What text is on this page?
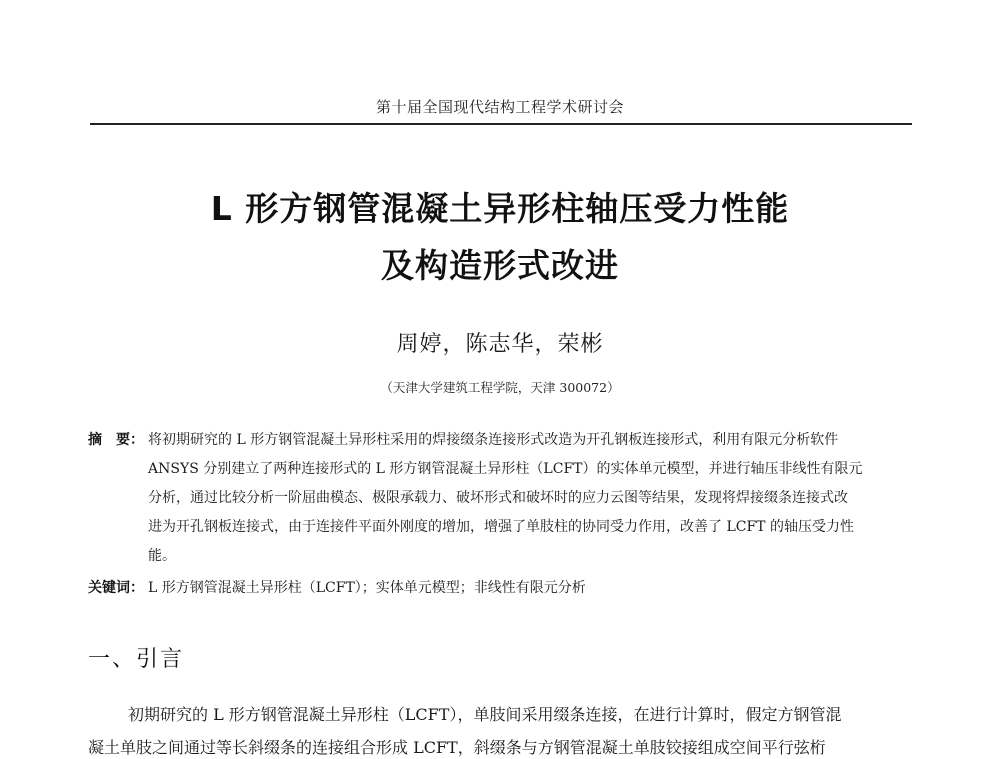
第十届全国现代结构工程学术研讨会
L 形方钢管混凝土异形柱轴压受力性能
及构造形式改进
周婷，陈志华，荣彬
（天津大学建筑工程学院，天津 300072）
摘　要： 将初期研究的 L 形方钢管混凝土异形柱采用的焊接缀条连接形式改造为开孔钢板连接形式，利用有限元分析软件
ANSYS 分别建立了两种连接形式的 L 形方钢管混凝土异形柱（LCFT）的实体单元模型，并进行轴压非线性有限元
分析，通过比较分析一阶屈曲模态、极限承载力、破坏形式和破坏时的应力云图等结果，发现将焊接缀条连接式改
进为开孔钢板连接式，由于连接件平面外刚度的增加，增强了单肢柱的协同受力作用，改善了 LCFT 的轴压受力性
能。
关键词： L 形方钢管混凝土异形柱（LCFT）；实体单元模型；非线性有限元分析
一、引言
初期研究的 L 形方钢管混凝土异形柱（LCFT），单肢间采用缀条连接，在进行计算时，假定方钢管混
凝土单肢之间通过等长斜缀条的连接组合形成 LCFT，斜缀条与方钢管混凝土单肢铰接组成空间平行弦桁
